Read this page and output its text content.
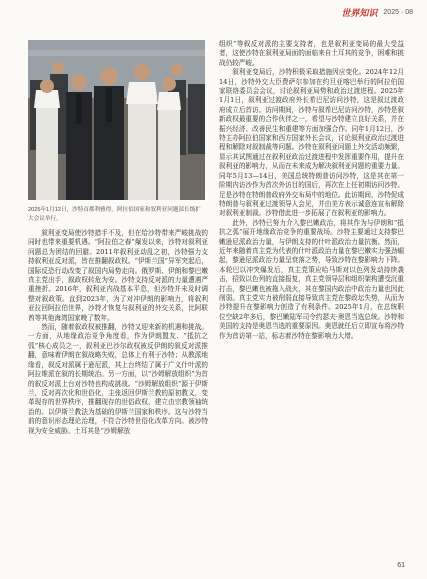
世界知识 2025 · 08
2025年1月12日，沙特首都利雅得，阿拉伯国家和叙利亚问题部长级扩大会议举行。

叙利亚变局使沙特措手不及，但在给沙特带来严峻挑战的同时也带来重要机遇。“阿拉伯之春”爆发以来，沙特对叙利亚问题总为团结的回避。2011年叙利亚动乱之初，沙特强力支持叙利亚反对派，皆在推翻叙政权。“伊斯兰国”异军突起后，国际反恐行动改变了叙国内局势走向。俄罗斯、伊朗和黎巴嫩真主党出手，叙政权转危为安。沙特支持反对派的力量遭遇严重挫折。2016年，叙利亚内战基本平息，但沙特并未及时调整对叙政策。直到2023年，为了对冲伊朗的影响力，将叙利亚拉回阿拉伯世界，沙特才恢复与叙利亚的外交关系，比阿联酋等其他海湾国家晚了数年。

然而，随着叙政权被推翻，沙特又迎来新的机遇和挑战。一方面，从地缘政治竞争角度看，作为伊朗盟友、“抵抗之弧”核心成员之一，叙利亚巴沙尔政权被反伊朗的叙反对派推翻，意味着伊朗在叙战略失败，总体上有利于沙特；从教派地缘看，叙反对派属于逊尼派，其上台终结了属于广义什叶派的阿拉维派在叙的长期统治。另一方面，以“沙姆解放组织”为首的叙反对派上台对沙特也构成挑战。“沙姆解放组织”源于伊斯兰，反对再次化和世俗化，主张返回伊斯兰教的原初教义，变革现存的世界秩序，推翻现存的世俗政权，建立由宗教领袖统治的、以伊斯兰教法为基础的伊斯兰国家和秩序。这与沙特当前的意识形态理论治理，不符合沙特世俗化改革方向。被沙特视为安全威胁。土耳其是“沙姆解放

组织”等叙反对派的主要支持者，也是叙利亚变局的最大受益者，这使沙特在叙利亚局面的面临来自土耳其的竞争，困难和挑战仍较严峻。

叙利亚变局后，沙特积极采取措施因应变化。2024年12月14日，沙特外交大臣费萨尔参加在约旦亚喀巴举行的阿拉伯国家联络委员会会议，讨论叙利亚局势和政治过渡进程。2025年1月1日，叙利亚过渡政府外长希巴尼访问沙特，这是叙过渡政府成立后首访。访问期间，沙特与叙希巴尼访问沙特，沙特是叙新政权最重要的合作伙伴之一，希望与沙特建立良好关系，并在振兴经济、改善民生和重建等方面加强合作。同年1月12日，沙特主办阿拉伯国家和西方国家外长会议，讨论叙利亚政治过渡进程和解除对叙制裁等问题。沙特在叙利亚问题上外交活动频繁，显示其试图通过在叙利亚政治过渡进程中发挥重要作用，提升在叙利亚的影响力，从而在未来成为解决叙利亚问题的重要力量。同年5月13—14日，美国总统特朗普访问沙特，这是其在第一阶期内访沙作为首次外访目的国后，再次在上任初期访问沙特。足是沙特在特朗普政府外交布局中的地位。此访期间，沙特促成特朗普与叙利亚过渡领导人会见，并由美方表示诚意连宣布解除对叙利亚制裁。沙特借此进一步拓展了在叙利亚的影响力。

此外，沙特已努力介入黎巴嫩政治，将其作为与伊朗和“抵抗之弧”展开地缘政治竞争的重要战场。沙特主要通过支持黎巴嫩逊尼派政治力量，与伊朗支持的什叶派政治力量抗衡。然而，近年来随着真主党为代表的什叶派政治力量在黎巴嫩实力强劲崛起，黎逊尼派政治力量呈衰落之势，导致沙特在黎影响力下降。本轮巴以冲突爆发后，真主党策应哈马斯对以色列发动持续袭击，招致以色列的直接报复，真主党领导层和组织架构遭受沉重打击，黎巴嫩也被拖入战火，其在黎国内政治中政治力量也因此削弱。真主党实力被削弱直接导致真主党在黎政坛失势，从而为沙特提升在黎影响力创造了有利条件。2025年1月，在总统职位空缺2年多后，黎巴嫩陆军司令约瑟夫·奥恩当选总统。沙特和美国的支持是奥恩当选的重要原因。奥恩就任后立即宣布将沙特作为首访第一站，标志着沙特在黎影响力大增。

61
